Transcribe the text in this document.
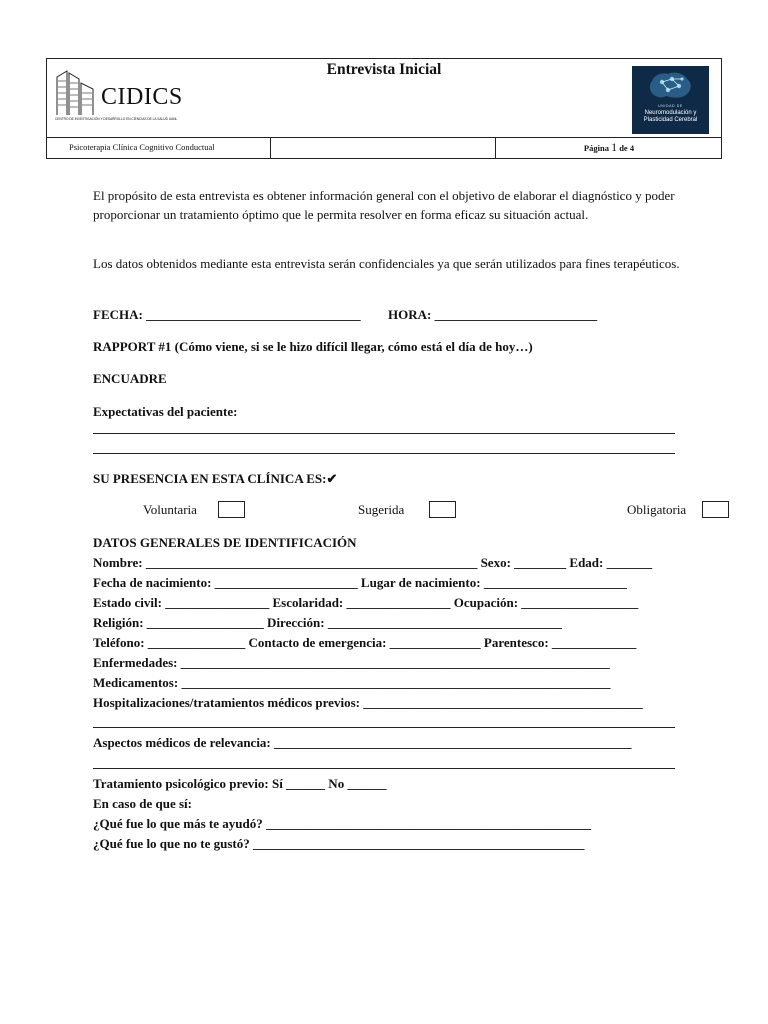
CIDICS
CENTRO DE INVESTIGACIÓN Y DESARROLLO EN CIENCIAS DE LA SALUD UANL
Entrevista Inicial
UNIDAD DE
Neuromodulación y Plasticidad Cerebral
Psicoterapia Clínica Cognitivo Conductual	Página 1 de 4
El propósito de esta entrevista es obtener información general con el objetivo de elaborar el diagnóstico y poder proporcionar un tratamiento óptimo que le permita resolver en forma eficaz su situación actual.
Los datos obtenidos mediante esta entrevista serán confidenciales ya que serán utilizados para fines terapéuticos.
FECHA: _________________________________ HORA: _________________________
RAPPORT #1 (Cómo viene, si se le hizo difícil llegar, cómo está el día de hoy…)
ENCUADRE
Expectativas del paciente:
SU PRESENCIA EN ESTA CLÍNICA ES:✔
Voluntaria	Sugerida	Obligatoria
DATOS GENERALES DE IDENTIFICACIÓN
Nombre: ___________________________________________________ Sexo: ________ Edad: _______
Fecha de nacimiento: ______________________ Lugar de nacimiento: ______________________
Estado civil: ________________ Escolaridad: ________________ Ocupación: __________________
Religión: __________________ Dirección: ____________________________________
Teléfono: _______________ Contacto de emergencia: ______________ Parentesco: _____________
Enfermedades: __________________________________________________________________
Medicamentos: __________________________________________________________________
Hospitalizaciones/tratamientos médicos previos: ___________________________________________
Aspectos médicos de relevancia: _______________________________________________________
Tratamiento psicológico previo: Sí ______ No ______
En caso de que sí:
¿Qué fue lo que más te ayudó? __________________________________________________
¿Qué fue lo que no te gustó? ___________________________________________________
